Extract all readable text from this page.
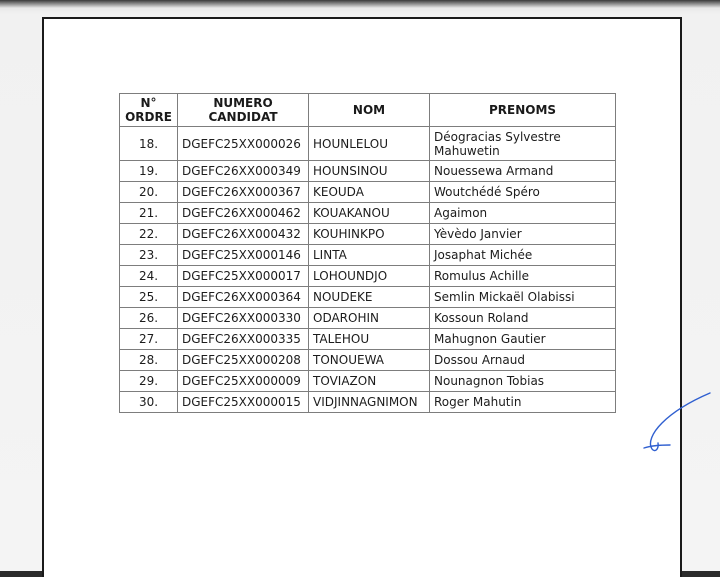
N° ORDRE	NUMERO CANDIDAT	NOM	PRENOMS
18.	DGEFC25XX000026	HOUNLELOU	Déogracias Sylvestre Mahuwetin
19.	DGEFC26XX000349	HOUNSINOU	Nouessewa Armand
20.	DGEFC26XX000367	KEOUDA	Woutchédé Spéro
21.	DGEFC26XX000462	KOUAKANOU	Agaimon
22.	DGEFC26XX000432	KOUHINKPO	Yèvèdo Janvier
23.	DGEFC25XX000146	LINTA	Josaphat Michée
24.	DGEFC25XX000017	LOHOUNDJO	Romulus Achille
25.	DGEFC26XX000364	NOUDEKE	Semlin Mickaël Olabissi
26.	DGEFC26XX000330	ODAROHIN	Kossoun Roland
27.	DGEFC26XX000335	TALEHOU	Mahugnon Gautier
28.	DGEFC25XX000208	TONOUEWA	Dossou Arnaud
29.	DGEFC25XX000009	TOVIAZON	Nounagnon Tobias
30.	DGEFC25XX000015	VIDJINNAGNIMON	Roger Mahutin
